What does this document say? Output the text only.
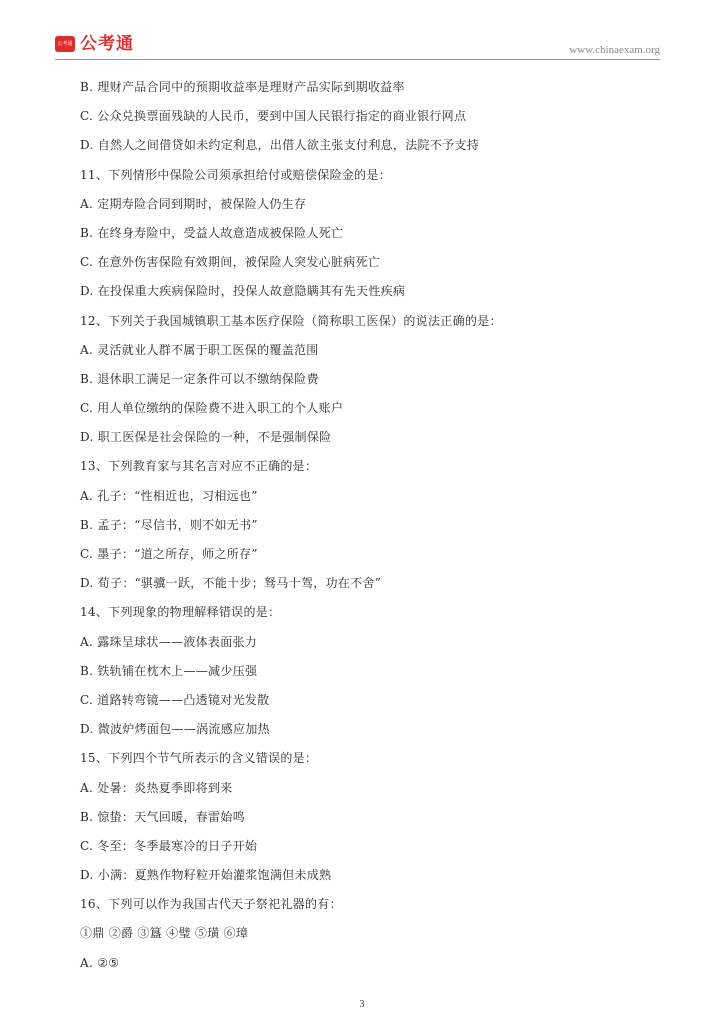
公考通 公考通	www.chinaexam.org
B. 理财产品合同中的预期收益率是理财产品实际到期收益率
C. 公众兑换票面残缺的人民币，要到中国人民银行指定的商业银行网点
D. 自然人之间借贷如未约定利息，出借人欲主张支付利息，法院不予支持
11、下列情形中保险公司须承担给付或赔偿保险金的是：
A. 定期寿险合同到期时，被保险人仍生存
B. 在终身寿险中，受益人故意造成被保险人死亡
C. 在意外伤害保险有效期间，被保险人突发心脏病死亡
D. 在投保重大疾病保险时，投保人故意隐瞒其有先天性疾病
12、下列关于我国城镇职工基本医疗保险（简称职工医保）的说法正确的是：
A. 灵活就业人群不属于职工医保的覆盖范围
B. 退休职工满足一定条件可以不缴纳保险费
C. 用人单位缴纳的保险费不进入职工的个人账户
D. 职工医保是社会保险的一种，不是强制保险
13、下列教育家与其名言对应不正确的是：
A. 孔子：“性相近也，习相远也”
B. 孟子：“尽信书，则不如无书”
C. 墨子：“道之所存，师之所存”
D. 荀子：“骐骥一跃，不能十步；驽马十驾，功在不舍”
14、下列现象的物理解释错误的是：
A. 露珠呈球状——液体表面张力
B. 铁轨铺在枕木上——减少压强
C. 道路转弯镜——凸透镜对光发散
D. 微波炉烤面包——涡流感应加热
15、下列四个节气所表示的含义错误的是：
A. 处暑：炎热夏季即将到来
B. 惊蛰：天气回暖，春雷始鸣
C. 冬至：冬季最寒冷的日子开始
D. 小满：夏熟作物籽粒开始灌浆饱满但未成熟
16、下列可以作为我国古代天子祭祀礼器的有：
①鼎 ②爵 ③簋 ④璧 ⑤璜 ⑥璋
A. ②⑤
3
